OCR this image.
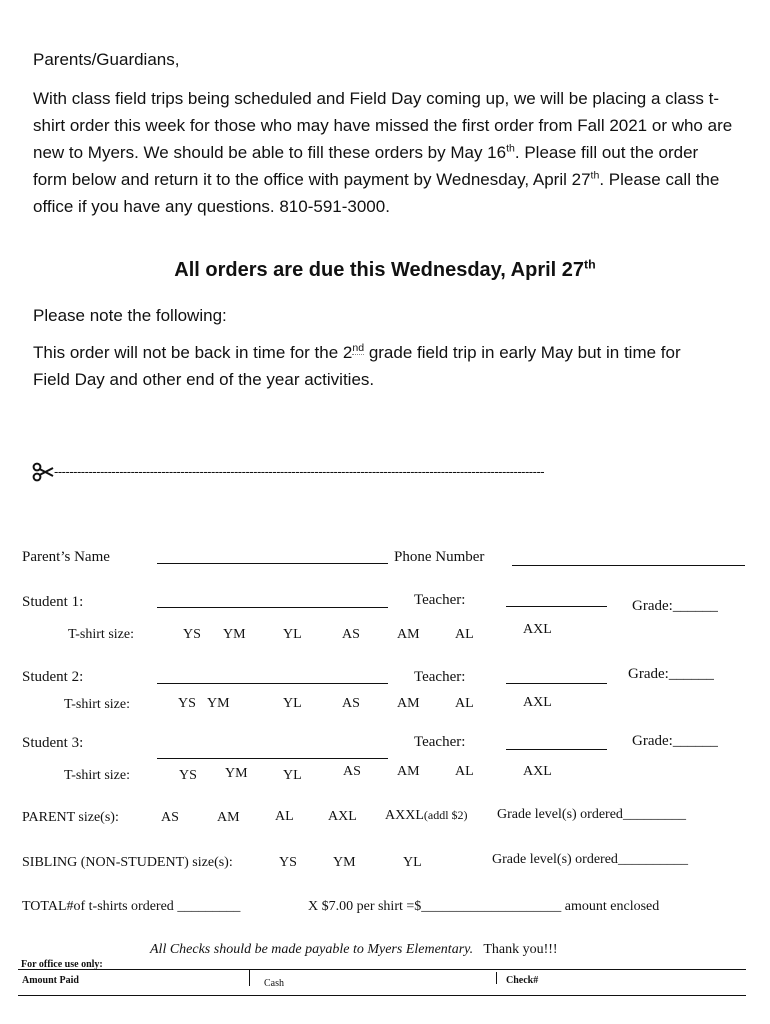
Parents/Guardians,
With class field trips being scheduled and Field Day coming up, we will be placing a class t-shirt order this week for those who may have missed the first order from Fall 2021 or who are new to Myers. We should be able to fill these orders by May 16th. Please fill out the order form below and return it to the office with payment by Wednesday, April 27th. Please call the office if you have any questions. 810-591-3000.
All orders are due this Wednesday, April 27th
Please note the following:
This order will not be back in time for the 2nd grade field trip in early May but in time for Field Day and other end of the year activities.
--------------------------------------------------------------------------------------------------------------------------------
Parent’s Name	Phone Number
Student 1:	Teacher:	Grade:______
T-shirt size:	YS YM	YL	AS	AM	AL	AXL
Student 2:	Teacher:	Grade:______
T-shirt size:	YS YM	YL	AS	AM	AL	AXL
Student 3:	Teacher:	Grade:______
T-shirt size:	YS YM	YL	AS	AM	AL	AXL
PARENT size(s):	AS	AM	AL AXL AXXL(addl $2) Grade level(s) ordered_________
SIBLING (NON-STUDENT) size(s):	YS	YM	YL	Grade level(s) ordered__________
TOTAL#of t-shirts ordered _________	X $7.00 per shirt =$____________________ amount enclosed
All Checks should be made payable to Myers Elementary. Thank you!!!
For office use only:
Amount Paid	Cash	Check#
